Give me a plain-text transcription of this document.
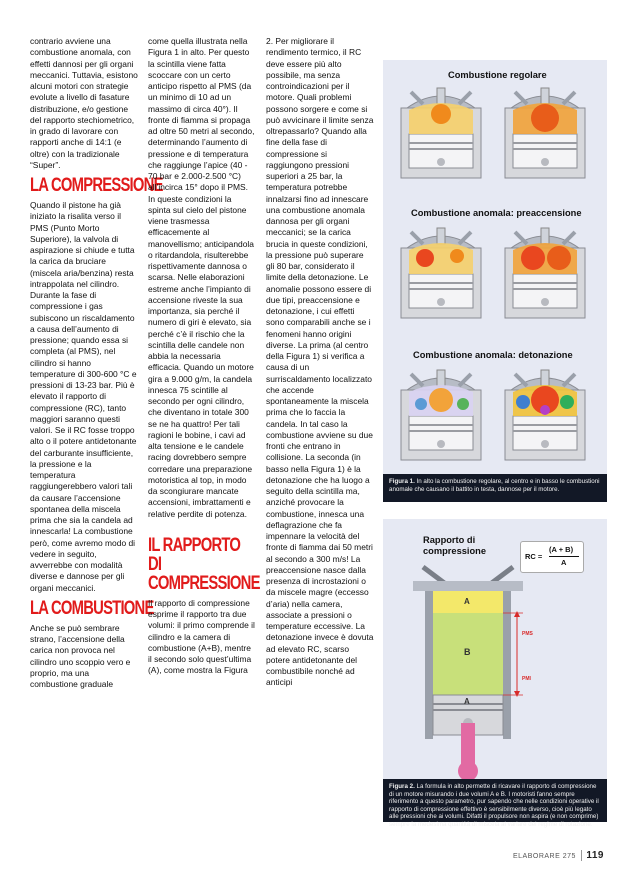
contrario avviene una combustione anomala, con effetti dannosi per gli organi meccanici. Tuttavia, esistono alcuni motori con strategie evolute a livello di fasature distribuzione, e/o gestione del rapporto stechiometrico, in grado di lavorare con rapporti anche di 14:1 (e oltre) con la tradizionale “Super”.

LA COMPRESSIONE

Quando il pistone ha già iniziato la risalita verso il PMS (Punto Morto Superiore), la valvola di aspirazione si chiude e tutta la carica da bruciare (miscela aria/benzina) resta intrappolata nel cilindro. Durante la fase di compressione i gas subiscono un riscaldamento a causa dell’aumento di pressione; quando essa si completa (al PMS), nel cilindro si hanno temperature di 300-600 °C e pressioni di 13-23 bar. Più è elevato il rapporto di compressione (RC), tanto maggiori saranno questi valori. Se il RC fosse troppo alto o il potere antidetonante del carburante insufficiente, la pressione e la temperatura raggiungerebbero valori tali da causare l’accensione spontanea della miscela prima che sia la candela ad innescarla! La combustione però, come avremo modo di vedere in seguito, avverrebbe con modalità diverse e dannose per gli organi meccanici.

LA COMBUSTIONE

Anche se può sembrare strano, l’accensione della carica non provoca nel cilindro uno scoppio vero e proprio, ma una combustione graduale

come quella illustrata nella Figura 1 in alto. Per questo la scintilla viene fatta scoccare con un certo anticipo rispetto al PMS (da un minimo di 10 ad un massimo di circa 40°). Il fronte di fiamma si propaga ad oltre 50 metri al secondo, determinando l’aumento di pressione e di temperatura che raggiunge l’apice (40 - 70 bar e 2.000-2.500 °C) all’incirca 15° dopo il PMS. In queste condizioni la spinta sul cielo del pistone viene trasmessa efficacemente al manovellismo; anticipandola o ritardandola, risulterebbe rispettivamente dannosa o scarsa. Nelle elaborazioni estreme anche l’impianto di accensione riveste la sua importanza, sia perché il numero di giri è elevato, sia perché c’è il rischio che la scintilla delle candele non abbia la necessaria efficacia. Quando un motore gira a 9.000 g/m, la candela innesca 75 scintille al secondo per ogni cilindro, che diventano in totale 300 se ne ha quattro! Per tali ragioni le bobine, i cavi ad alta tensione e le candele racing dovrebbero sempre corredare una preparazione motoristica al top, in modo da scongiurare mancate accensioni, imbrattamenti e relative perdite di potenza.

IL RAPPORTO DI COMPRESSIONE

Il rapporto di compressione esprime il rapporto tra due volumi: il primo comprende il cilindro e la camera di combustione (A+B), mentre il secondo solo quest’ultima (A), come mostra la Figura

2. Per migliorare il rendimento termico, il RC deve essere più alto possibile, ma senza controindicazioni per il motore. Quali problemi possono sorgere e come si può avvicinare il limite senza oltrepassarlo? Quando alla fine della fase di compressione si raggiungono pressioni superiori a 25 bar, la temperatura potrebbe innalzarsi fino ad innescare una combustione anomala dannosa per gli organi meccanici; se la carica brucia in queste condizioni, la pressione può superare gli 80 bar, considerato il limite della detonazione. Le anomalie possono essere di due tipi, preaccensione e detonazione, i cui effetti sono comparabili anche se i fenomeni hanno origini diverse. La prima (al centro della Figura 1) si verifica a causa di un surriscaldamento localizzato che accende spontaneamente la miscela prima che lo faccia la candela. In tal caso la combustione avviene su due fronti che entrano in collisione. La seconda (in basso nella Figura 1) è la detonazione che ha luogo a seguito della scintilla ma, anziché provocare la combustione, innesca una deflagrazione che fa impennare la velocità del fronte di fiamma dai 50 metri al secondo a 300 m/s! La preaccensione nasce dalla presenza di incrostazioni o da miscele magre (eccesso d’aria) nella camera, associate a pressioni o temperature eccessive. La detonazione invece è dovuta ad elevato RC, scarso potere antidetonante del combustibile nonché ad anticipi

Combustione regolare
Combustione anomala: preaccensione
Combustione anomala: detonazione
Figura 1. In alto la combustione regolare, al centro e in basso le combustioni anomale che causano il battito in testa, dannose per il motore.
Rapporto di
compressione
RC =
(A + B)
A
A
B
A
PMS
PMI
Figura 2. La formula in alto permette di ricavare il rapporto di compressione di un motore misurando i due volumi A e B. I motoristi fanno sempre riferimento a questo parametro, pur sapendo che nelle condizioni operative il rapporto di compressione effettivo è sensibilmente diverso, cioè più legato alle pressioni che ai volumi. Difatti il propulsore non aspira (e non comprime) sempre la medesima quantità di miscela al variare del regime di rotazione.
ELABORARE 275 119
